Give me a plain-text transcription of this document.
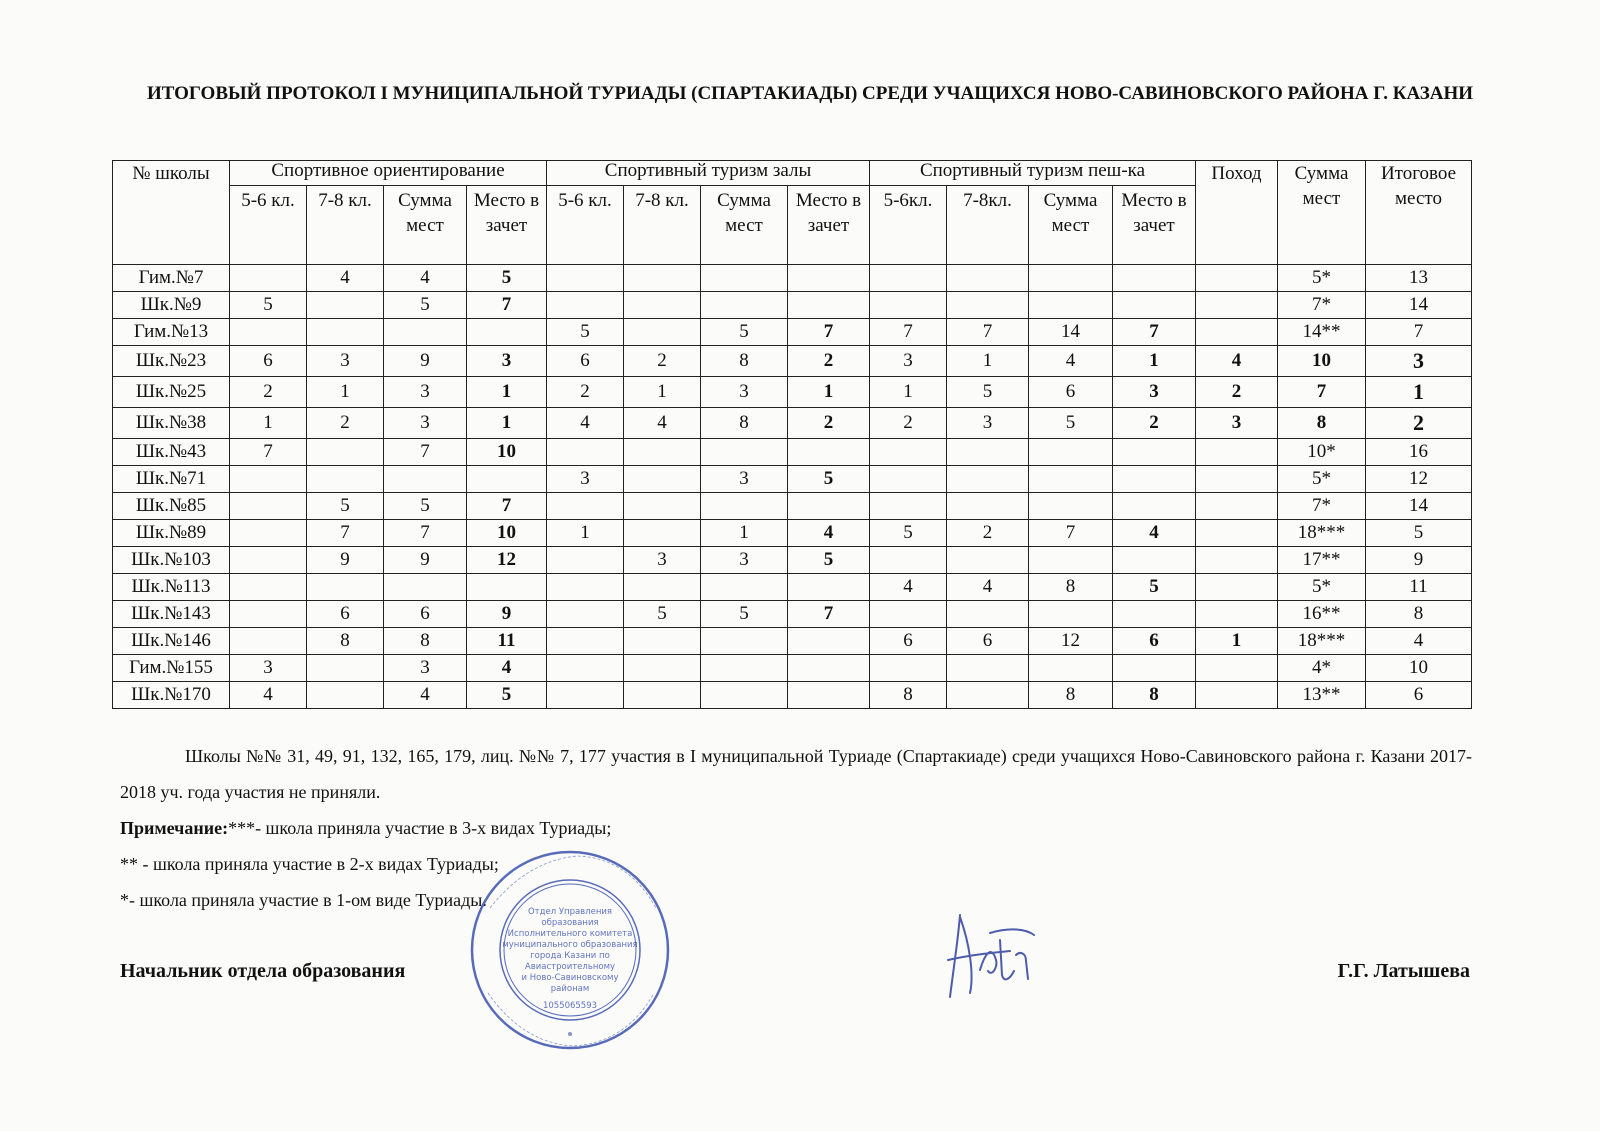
ИТОГОВЫЙ ПРОТОКОЛ I МУНИЦИПАЛЬНОЙ ТУРИАДЫ (СПАРТАКИАДЫ) СРЕДИ УЧАЩИХСЯ НОВО-САВИНОВСКОГО РАЙОНА Г. КАЗАНИ
№ школы	Спортивное ориентирование				Спортивный туризм залы				Спортивный туризм пеш-ка				Поход	Сумма мест	Итоговое место
	5-6 кл.	7-8 кл.	Сумма мест	Место в зачет	5-6 кл.	7-8 кл.	Сумма мест	Место в зачет	5-6кл.	7-8кл.	Сумма мест	Место в зачет			
Гим.№7		4	4	5										5*	13
Шк.№9	5		5	7										7*	14
Гим.№13					5		5	7	7	7	14	7		14**	7
Шк.№23	6	3	9	3	6	2	8	2	3	1	4	1	4	10	3
Шк.№25	2	1	3	1	2	1	3	1	1	5	6	3	2	7	1
Шк.№38	1	2	3	1	4	4	8	2	2	3	5	2	3	8	2
Шк.№43	7		7	10										10*	16
Шк.№71					3		3	5						5*	12
Шк.№85		5	5	7										7*	14
Шк.№89		7	7	10	1		1	4	5	2	7	4		18***	5
Шк.№103		9	9	12		3	3	5						17**	9
Шк.№113									4	4	8	5		5*	11
Шк.№143		6	6	9		5	5	7						16**	8
Шк.№146		8	8	11					6	6	12	6	1	18***	4
Гим.№155	3		3	4										4*	10
Шк.№170	4		4	5					8		8	8		13**	6

Школы №№ 31, 49, 91, 132, 165, 179, лиц. №№ 7, 177 участия в I муниципальной Туриаде (Спартакиаде) среди учащихся Ново-Савиновского района г. Казани 2017-2018 уч. года участия не приняли.

Примечание:***- школа приняла участие в 3-х видах Туриады;

** - школа приняла участие в 2-х видах Туриады;

*- школа приняла участие в 1-ом виде Туриады.

Начальник отдела образования	Г.Г. Латышева
Отдел Управления
образования
Исполнительного комитета
муниципального образования
города Казани по
Авиастроительному
и Ново-Савиновскому
районам
1055065593
